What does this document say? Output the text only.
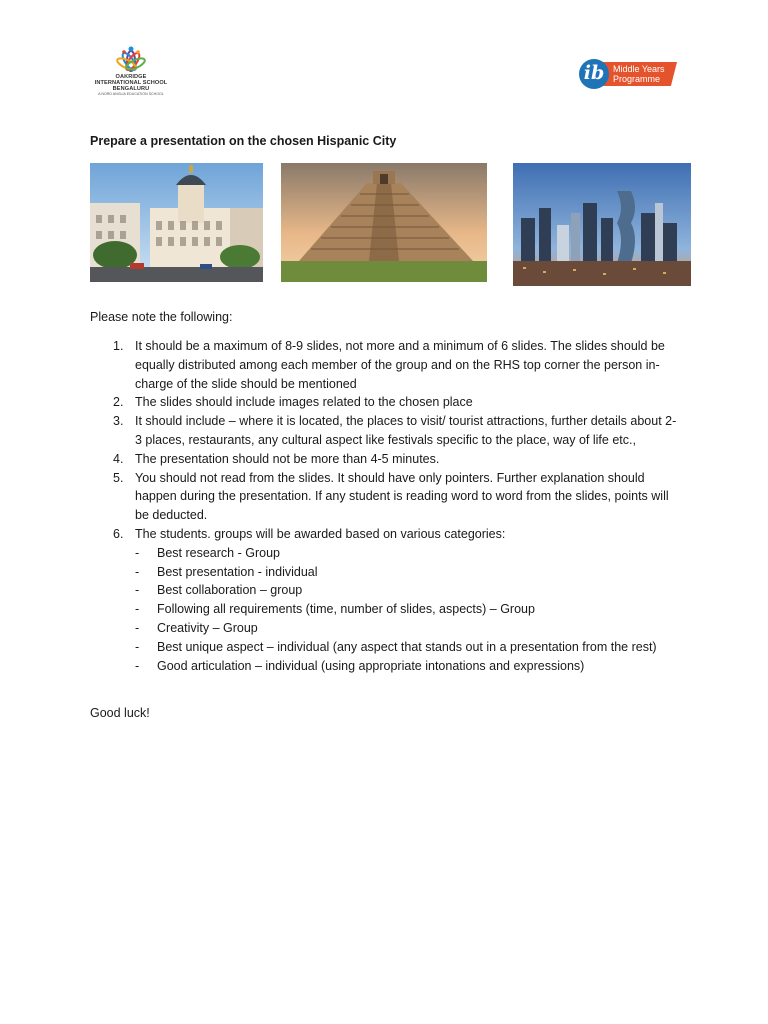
OAKRIDGE
INTERNATIONAL SCHOOL
BENGALURU
A NORD ANGLIA EDUCATION SCHOOL
ib Middle Years
Programme
Prepare a presentation on the chosen Hispanic City
Please note the following:
1. It should be a maximum of 8-9 slides, not more and a minimum of 6 slides. The slides should be equally distributed among each member of the group and on the RHS top corner the person in-charge of the slide should be mentioned
2. The slides should include images related to the chosen place
3. It should include – where it is located, the places to visit/ tourist attractions, further details about 2-3 places, restaurants, any cultural aspect like festivals specific to the place, way of life etc.,
4. The presentation should not be more than 4-5 minutes.
5. You should not read from the slides. It should have only pointers. Further explanation should happen during the presentation. If any student is reading word to word from the slides, points will be deducted.
6. The students. groups will be awarded based on various categories:
- Best research - Group
- Best presentation - individual
- Best collaboration – group
- Following all requirements (time, number of slides, aspects) – Group
- Creativity – Group
- Best unique aspect – individual (any aspect that stands out in a presentation from the rest)
- Good articulation – individual (using appropriate intonations and expressions)
Good luck!
